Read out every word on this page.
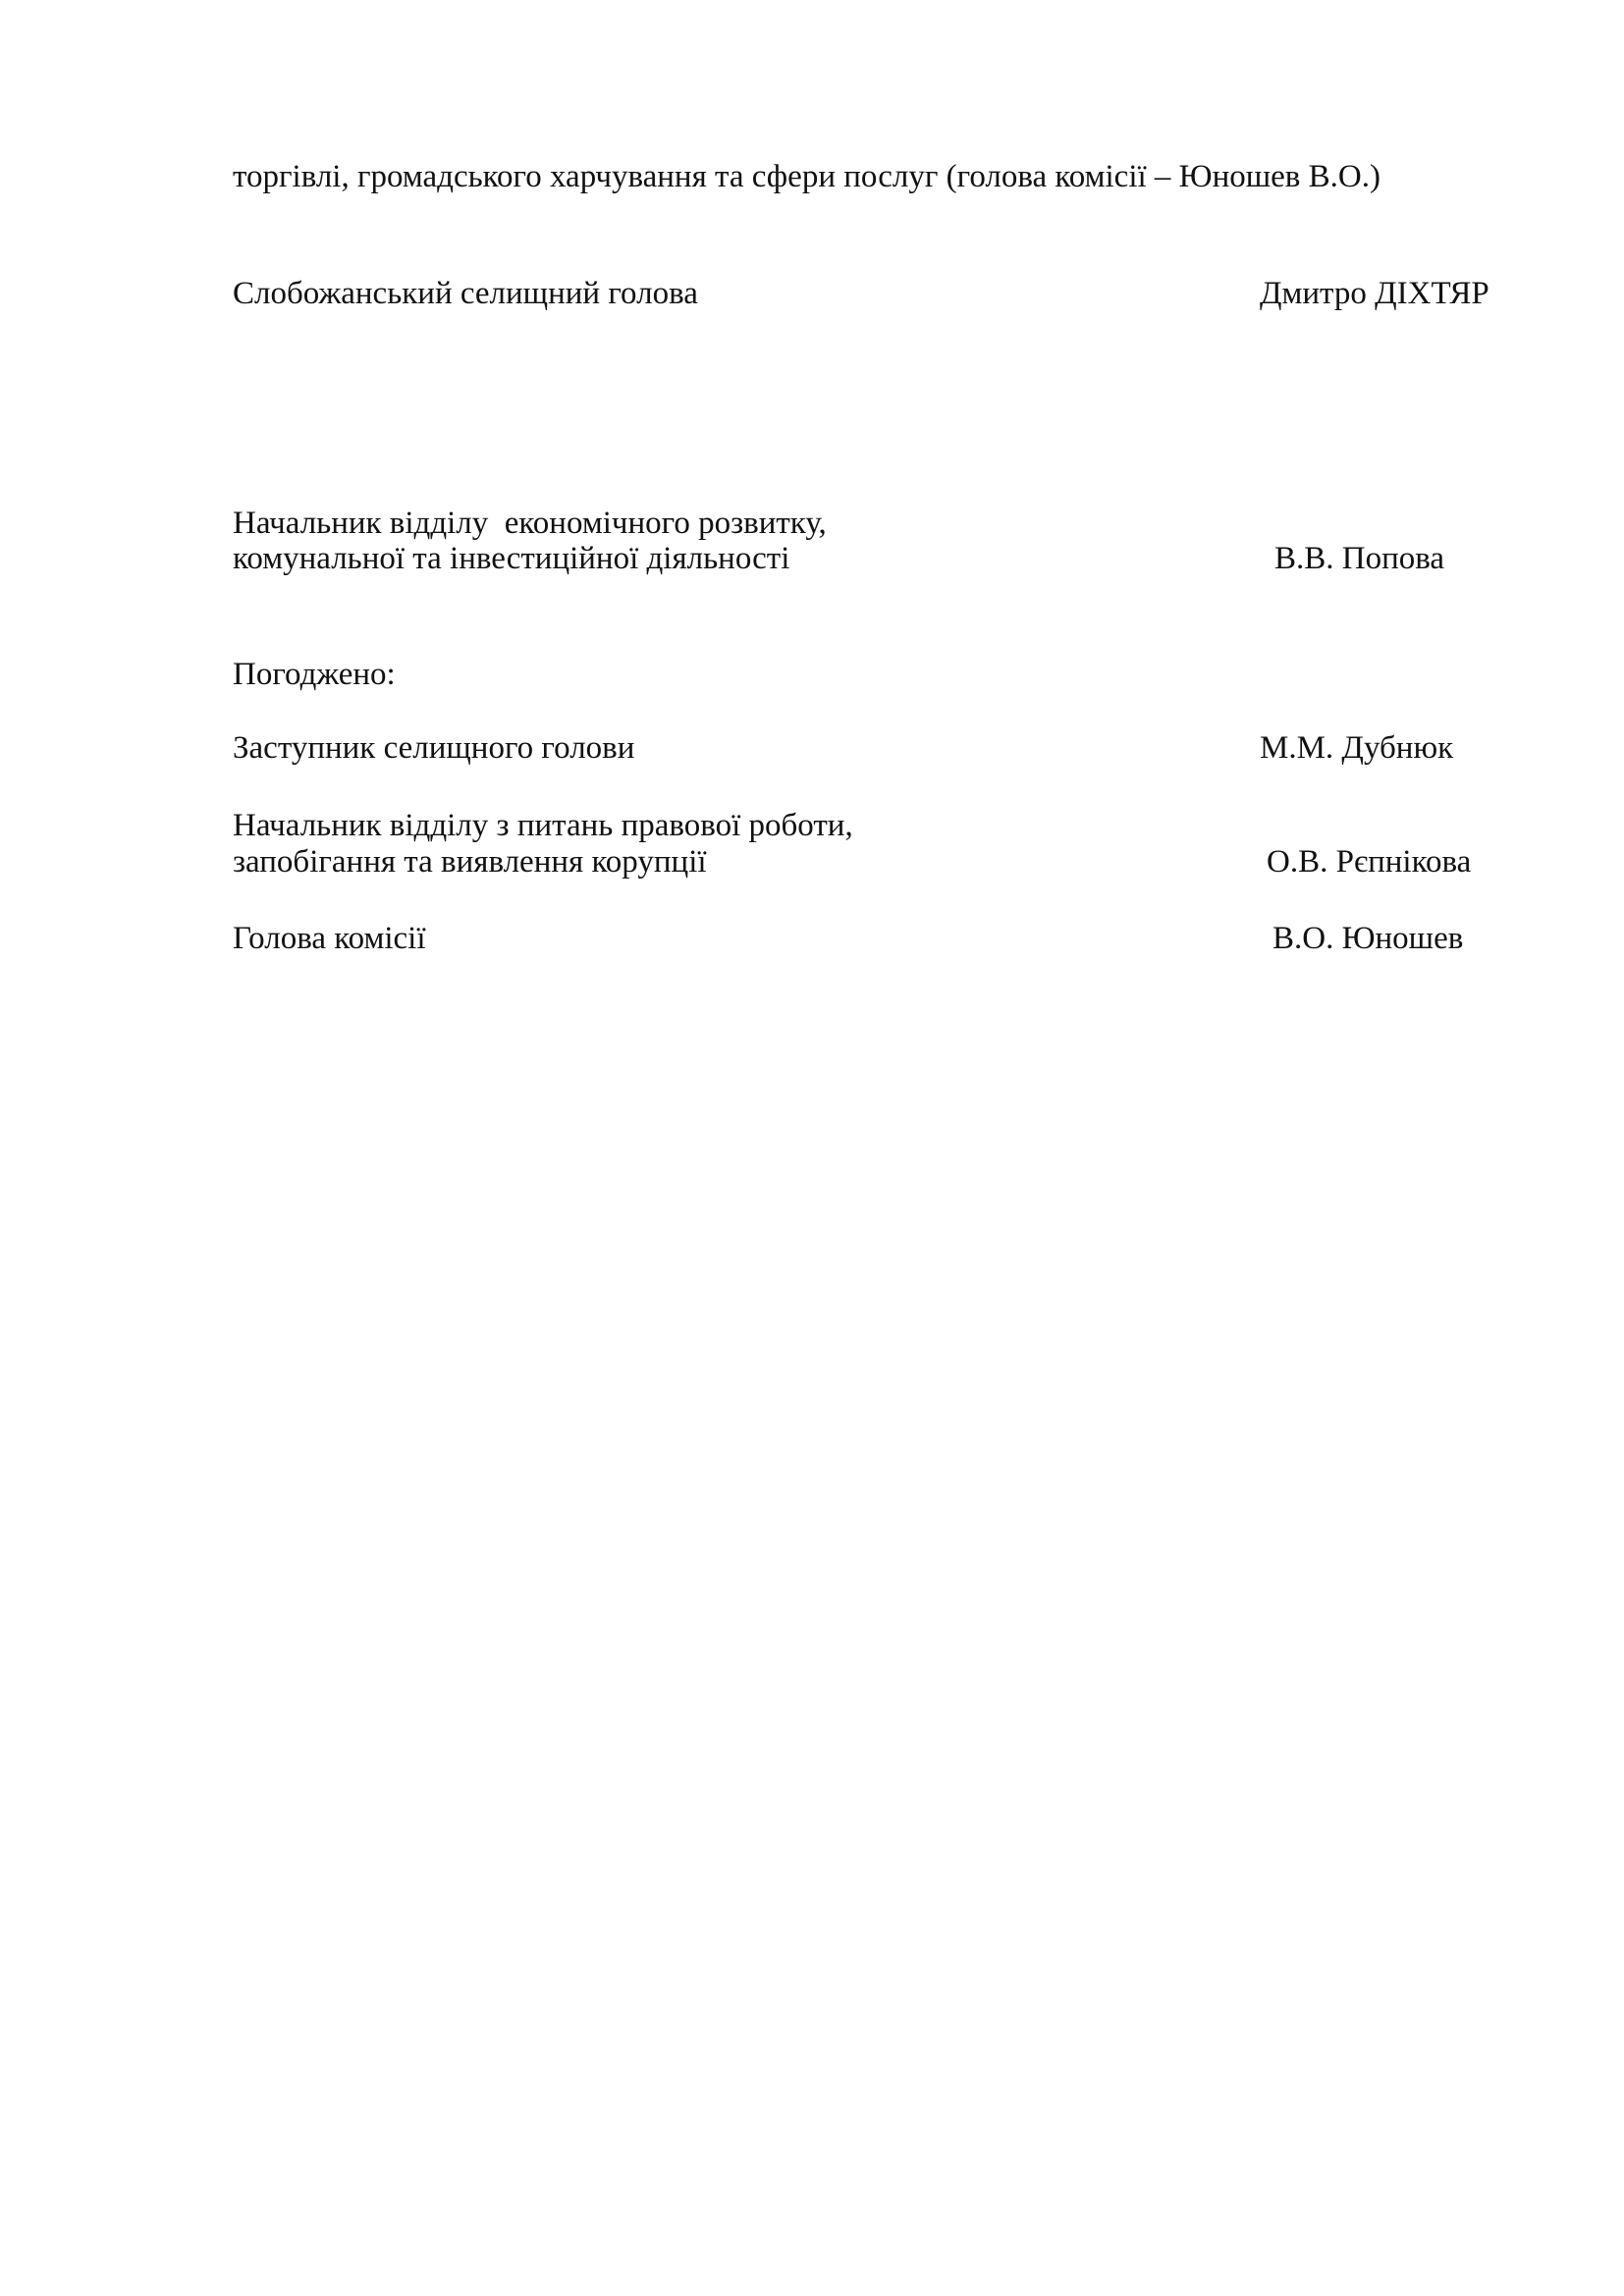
торгівлі, громадського харчування та сфери послуг (голова комісії – Юношев В.О.)
Слобожанський селищний голова	Дмитро ДІХТЯР
Начальник відділу  економічного розвитку,
комунальної та інвестиційної діяльності	В.В. Попова
Погоджено:
Заступник селищного голови	М.М. Дубнюк
Начальник відділу з питань правової роботи,
запобігання та виявлення корупції	О.В. Рєпнікова
Голова комісії	В.О. Юношев
